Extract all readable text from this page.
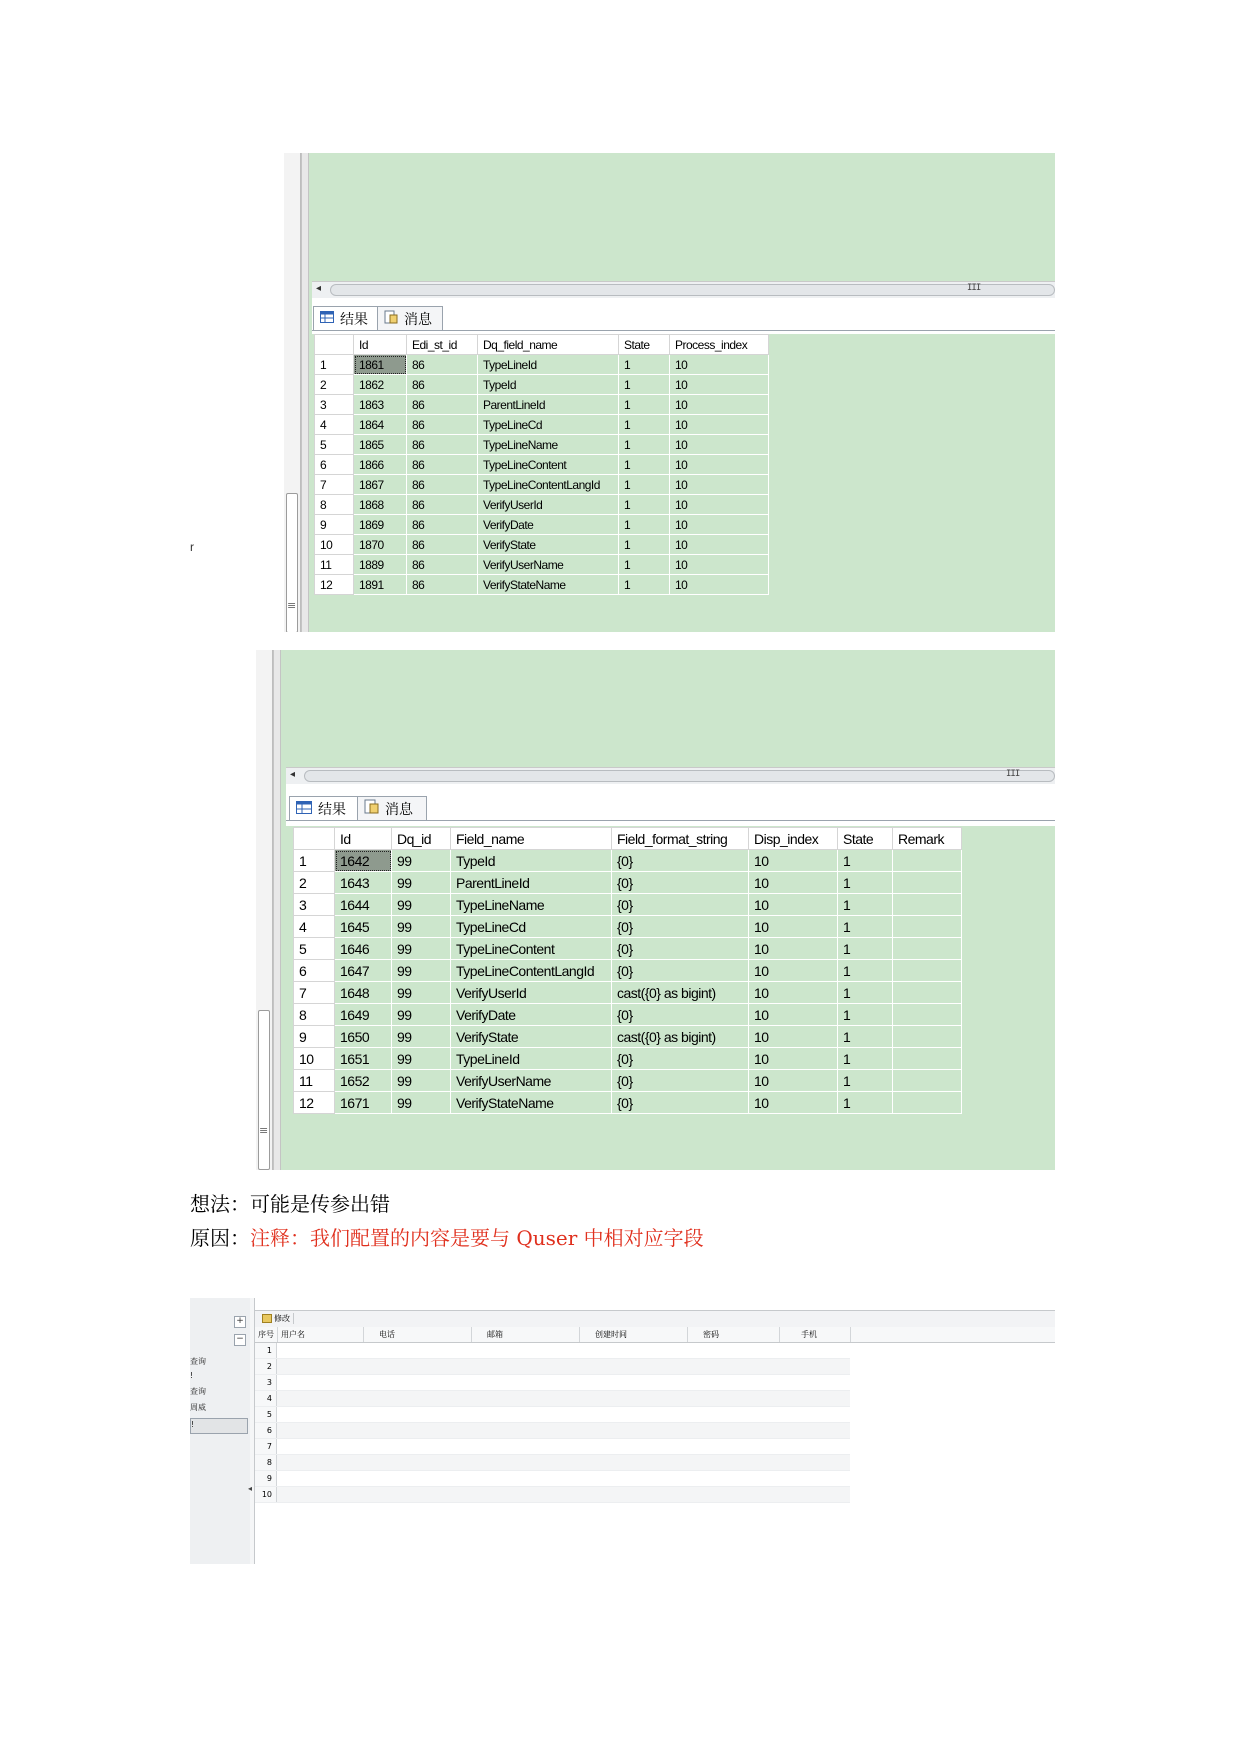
≡
◂	III
结果	消息
	Id	Edi_st_id	Dq_field_name	State	Process_index
1	1861	86	TypeLineId	1	10
2	1862	86	TypeId	1	10
3	1863	86	ParentLineId	1	10
4	1864	86	TypeLineCd	1	10
5	1865	86	TypeLineName	1	10
6	1866	86	TypeLineContent	1	10
7	1867	86	TypeLineContentLangId	1	10
8	1868	86	VerifyUserId	1	10
9	1869	86	VerifyDate	1	10
10	1870	86	VerifyState	1	10
11	1889	86	VerifyUserName	1	10
12	1891	86	VerifyStateName	1	10
r
≡
◂	III
结果	消息
	Id	Dq_id	Field_name	Field_format_string	Disp_index	State	Remark
1	1642	99	TypeId	{0}	10	1	
2	1643	99	ParentLineId	{0}	10	1	
3	1644	99	TypeLineName	{0}	10	1	
4	1645	99	TypeLineCd	{0}	10	1	
5	1646	99	TypeLineContent	{0}	10	1	
6	1647	99	TypeLineContentLangId	{0}	10	1	
7	1648	99	VerifyUserId	cast({0} as bigint)	10	1	
8	1649	99	VerifyDate	{0}	10	1	
9	1650	99	VerifyState	cast({0} as bigint)	10	1	
10	1651	99	TypeLineId	{0}	10	1	
11	1652	99	VerifyUserName	{0}	10	1	
12	1671	99	VerifyStateName	{0}	10	1	
想法：可能是传参出错
原因：注释：我们配置的内容是要与 Quser 中相对应字段
+
−
查询
!
查询
周威
!
◂
修改
序号 用户名	电话	邮箱	创建时间	密码	手机
1
2
3
4
5
6
7
8
9
10
